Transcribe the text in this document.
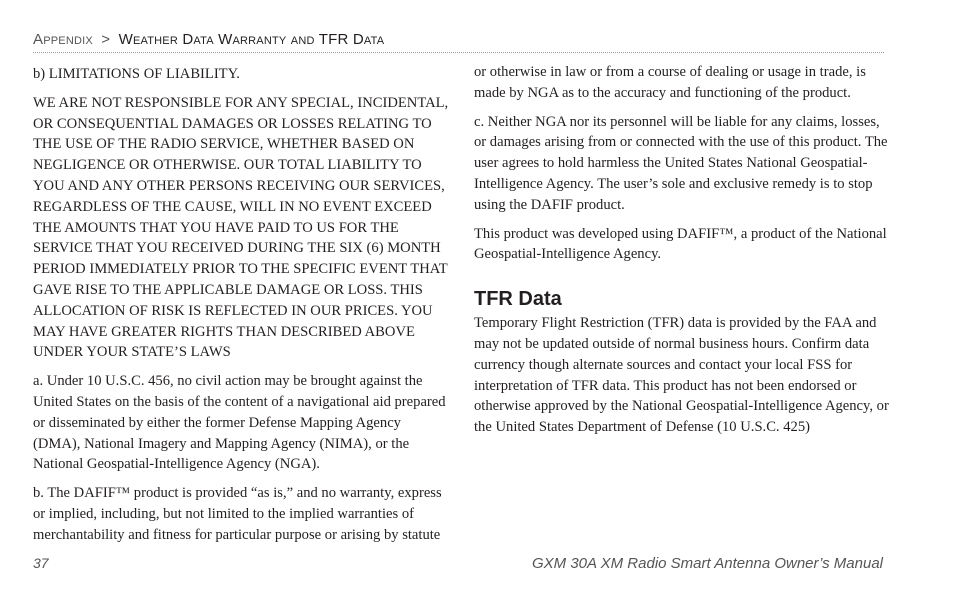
Appendix > Weather Data Warranty and TFR Data

b) LIMITATIONS OF LIABILITY.

WE ARE NOT RESPONSIBLE FOR ANY SPECIAL, INCIDENTAL, OR CONSEQUENTIAL DAMAGES OR LOSSES RELATING TO THE USE OF THE RADIO SERVICE, WHETHER BASED ON NEGLIGENCE OR OTHERWISE. OUR TOTAL LIABILITY TO YOU AND ANY OTHER PERSONS RECEIVING OUR SERVICES, REGARDLESS OF THE CAUSE, WILL IN NO EVENT EXCEED THE AMOUNTS THAT YOU HAVE PAID TO US FOR THE SERVICE THAT YOU RECEIVED DURING THE SIX (6) MONTH PERIOD IMMEDIATELY PRIOR TO THE SPECIFIC EVENT THAT GAVE RISE TO THE APPLICABLE DAMAGE OR LOSS. THIS ALLOCATION OF RISK IS REFLECTED IN OUR PRICES. YOU MAY HAVE GREATER RIGHTS THAN DESCRIBED ABOVE UNDER YOUR STATE’S LAWS

a. Under 10 U.S.C. 456, no civil action may be brought against the United States on the basis of the content of a navigational aid prepared or disseminated by either the former Defense Mapping Agency (DMA), National Imagery and Mapping Agency (NIMA), or the National Geospatial-Intelligence Agency (NGA).

b. The DAFIF™ product is provided “as is,” and no warranty, express or implied, including, but not limited to the implied warranties of merchantability and fitness for particular purpose or arising by statute

or otherwise in law or from a course of dealing or usage in trade, is made by NGA as to the accuracy and functioning of the product.

c. Neither NGA nor its personnel will be liable for any claims, losses, or damages arising from or connected with the use of this product. The user agrees to hold harmless the United States National Geospatial-Intelligence Agency. The user’s sole and exclusive remedy is to stop using the DAFIF product.

This product was developed using DAFIF™, a product of the National Geospatial-Intelligence Agency.

TFR Data

Temporary Flight Restriction (TFR) data is provided by the FAA and may not be updated outside of normal business hours. Confirm data currency though alternate sources and contact your local FSS for interpretation of TFR data. This product has not been endorsed or otherwise approved by the National Geospatial-Intelligence Agency, or the United States Department of Defense (10 U.S.C. 425)

37	GXM 30A XM Radio Smart Antenna Owner’s Manual
